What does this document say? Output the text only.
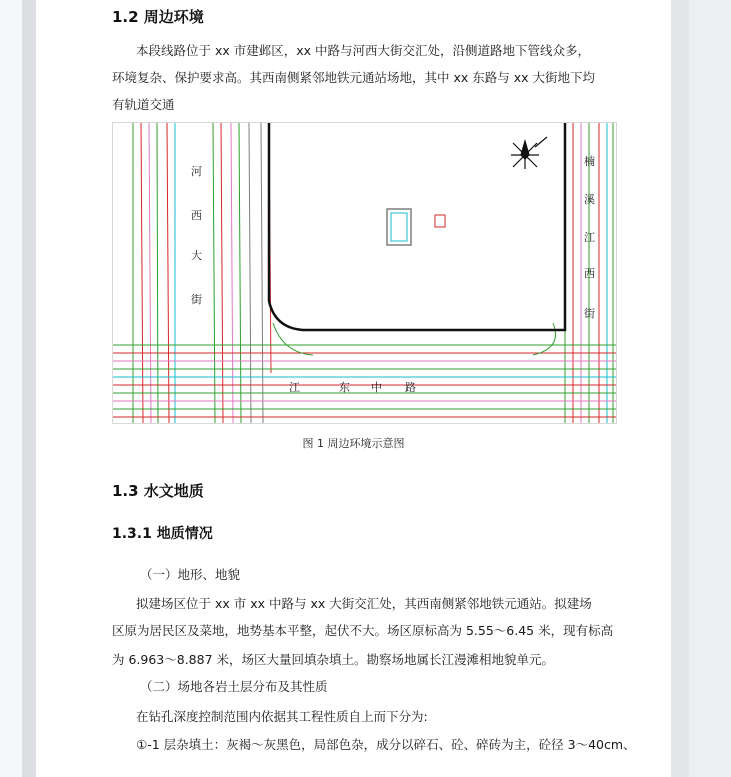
1.2 周边环境
本段线路位于 xx 市建邺区，xx 中路与河西大街交汇处，沿侧道路地下管线众多，
环境复杂、保护要求高。其西南侧紧邻地铁元通站场地，其中 xx 东路与 xx 大街地下均
有轨道交通
河
西
大
街
楠
溪
江
西
街
江	东 中 路
图 1 周边环境示意图
1.3 水文地质
1.3.1 地质情况
（一）地形、地貌
拟建场区位于 xx 市 xx 中路与 xx 大街交汇处，其西南侧紧邻地铁元通站。拟建场
区原为居民区及菜地，地势基本平整，起伏不大。场区原标高为 5.55～6.45 米，现有标高
为 6.963～8.887 米，场区大量回填杂填土。勘察场地属长江漫滩相地貌单元。
（二）场地各岩土层分布及其性质
在钻孔深度控制范围内依据其工程性质自上而下分为:
①-1 层杂填土：灰褐～灰黑色，局部色杂，成分以碎石、砼、碎砖为主，砼径 3～40cm、
